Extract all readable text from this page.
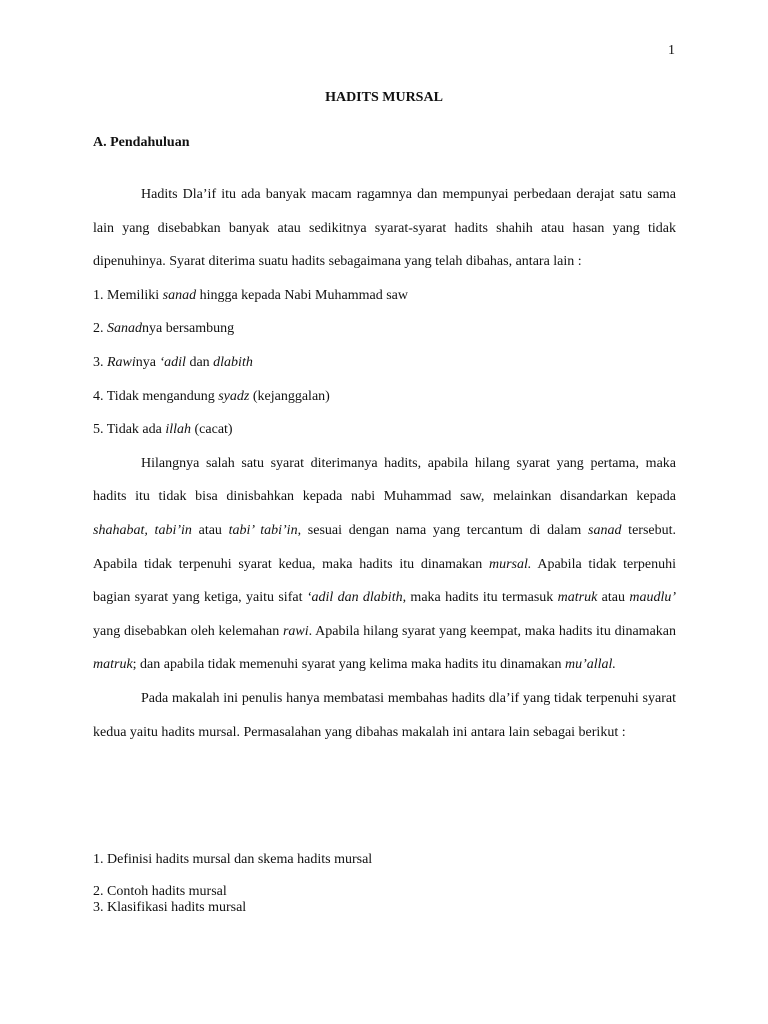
1
HADITS MURSAL
A. Pendahuluan

Hadits Dla’if itu ada banyak macam ragamnya dan mempunyai perbedaan derajat satu sama lain yang disebabkan banyak atau sedikitnya syarat-syarat hadits shahih atau hasan yang tidak dipenuhinya. Syarat diterima suatu hadits sebagaimana yang telah dibahas, antara lain :

1. Memiliki sanad hingga kepada Nabi Muhammad saw

2. Sanadnya bersambung

3. Rawinya ‘adil dan dlabith

4. Tidak mengandung syadz (kejanggalan)

5. Tidak ada illah (cacat)

Hilangnya salah satu syarat diterimanya hadits, apabila hilang syarat yang pertama, maka hadits itu tidak bisa dinisbahkan kepada nabi Muhammad saw, melainkan disandarkan kepada shahabat, tabi’in atau tabi’ tabi’in, sesuai dengan nama yang tercantum di dalam sanad tersebut. Apabila tidak terpenuhi syarat kedua, maka hadits itu dinamakan mursal. Apabila tidak terpenuhi bagian syarat yang ketiga, yaitu sifat ‘adil dan dlabith, maka hadits itu termasuk matruk atau maudlu’ yang disebabkan oleh kelemahan rawi. Apabila hilang syarat yang keempat, maka hadits itu dinamakan matruk; dan apabila tidak memenuhi syarat yang kelima maka hadits itu dinamakan mu’allal.

Pada makalah ini penulis hanya membatasi membahas hadits dla’if yang tidak terpenuhi syarat kedua yaitu hadits mursal. Permasalahan yang dibahas makalah ini antara lain sebagai berikut :

1. Definisi hadits mursal dan skema hadits mursal
2. Contoh hadits mursal
3. Klasifikasi hadits mursal
